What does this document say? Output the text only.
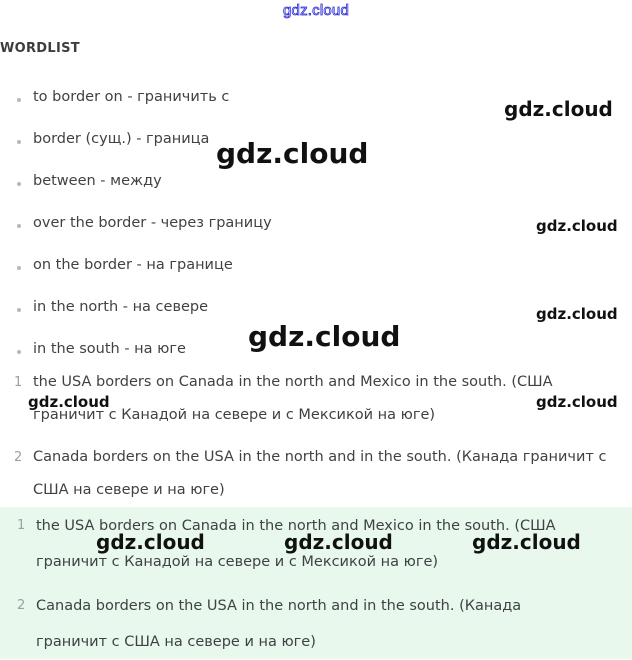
gdz.cloud
WORDLIST
to border on - граничить с
border (сущ.) - граница
between - между
over the border - через границу
on the border - на границе
in the north - на севере
in the south - на юге
1 the USA borders on Canada in the north and Mexico in the south. (США
граничит с Канадой на севере и с Мексикой на юге)
2 Canada borders on the USA in the north and in the south. (Канада граничит с
США на севере и на юге)
1 the USA borders on Canada in the north and Mexico in the south. (США
граничит с Канадой на севере и с Мексикой на юге)
2 Canada borders on the USA in the north and in the south. (Канада
граничит с США на севере и на юге)
gdz.cloud
gdz.cloud
gdz.cloud
gdz.cloud
gdz.cloud
gdz.cloud	gdz.cloud
gdz.cloud	gdz.cloud	gdz.cloud
